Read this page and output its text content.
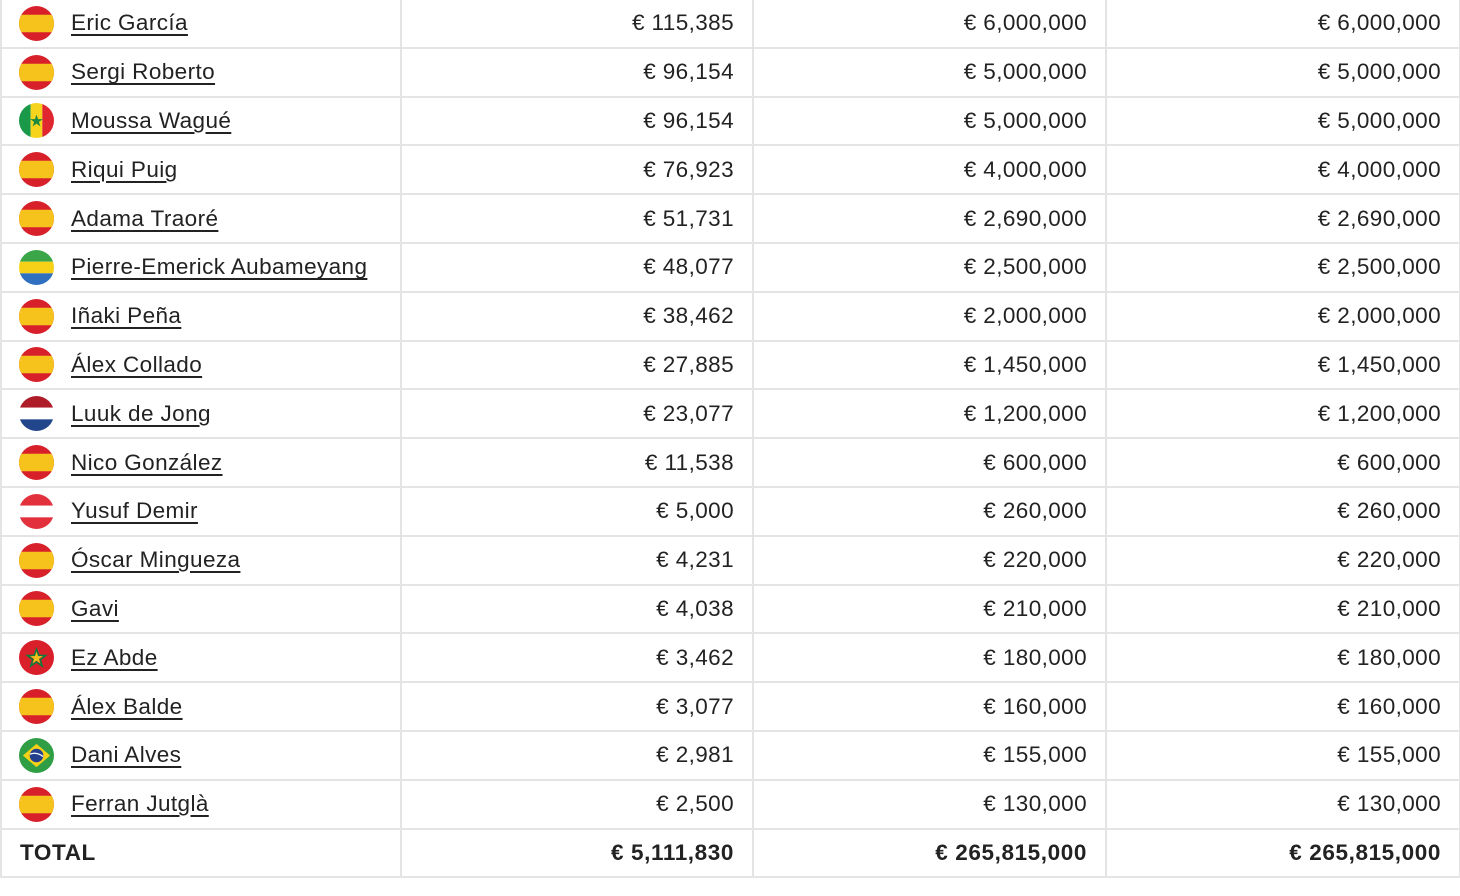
Eric García	€ 115,385	€ 6,000,000	€ 6,000,000

Sergi Roberto	€ 96,154	€ 5,000,000	€ 5,000,000

Moussa Wagué	€ 96,154	€ 5,000,000	€ 5,000,000

Riqui Puig	€ 76,923	€ 4,000,000	€ 4,000,000

Adama Traoré	€ 51,731	€ 2,690,000	€ 2,690,000

Pierre-Emerick Aubameyang	€ 48,077	€ 2,500,000	€ 2,500,000

Iñaki Peña	€ 38,462	€ 2,000,000	€ 2,000,000

Álex Collado	€ 27,885	€ 1,450,000	€ 1,450,000

Luuk de Jong	€ 23,077	€ 1,200,000	€ 1,200,000

Nico González	€ 11,538	€ 600,000	€ 600,000

Yusuf Demir	€ 5,000	€ 260,000	€ 260,000

Óscar Mingueza	€ 4,231	€ 220,000	€ 220,000

Gavi	€ 4,038	€ 210,000	€ 210,000

Ez Abde	€ 3,462	€ 180,000	€ 180,000

Álex Balde	€ 3,077	€ 160,000	€ 160,000

Dani Alves	€ 2,981	€ 155,000	€ 155,000

Ferran Jutglà	€ 2,500	€ 130,000	€ 130,000
TOTAL	€ 5,111,830	€ 265,815,000	€ 265,815,000
